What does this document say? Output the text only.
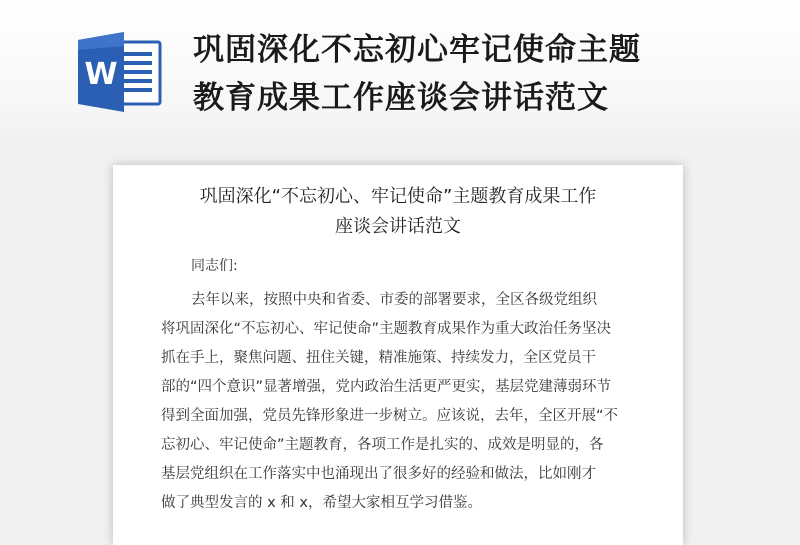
W
巩固深化不忘初心牢记使命主题
教育成果工作座谈会讲话范文
巩固深化“不忘初心、牢记使命”主题教育成果工作
座谈会讲话范文
同志们:
去年以来，按照中央和省委、市委的部署要求，全区各级党组织
将巩固深化“不忘初心、牢记使命”主题教育成果作为重大政治任务坚决
抓在手上，聚焦问题、扭住关键，精准施策、持续发力，全区党员干
部的“四个意识”显著增强，党内政治生活更严更实，基层党建薄弱环节
得到全面加强，党员先锋形象进一步树立。应该说，去年，全区开展“不
忘初心、牢记使命”主题教育，各项工作是扎实的、成效是明显的，各
基层党组织在工作落实中也涌现出了很多好的经验和做法，比如刚才
做了典型发言的 x 和 x，希望大家相互学习借鉴。
